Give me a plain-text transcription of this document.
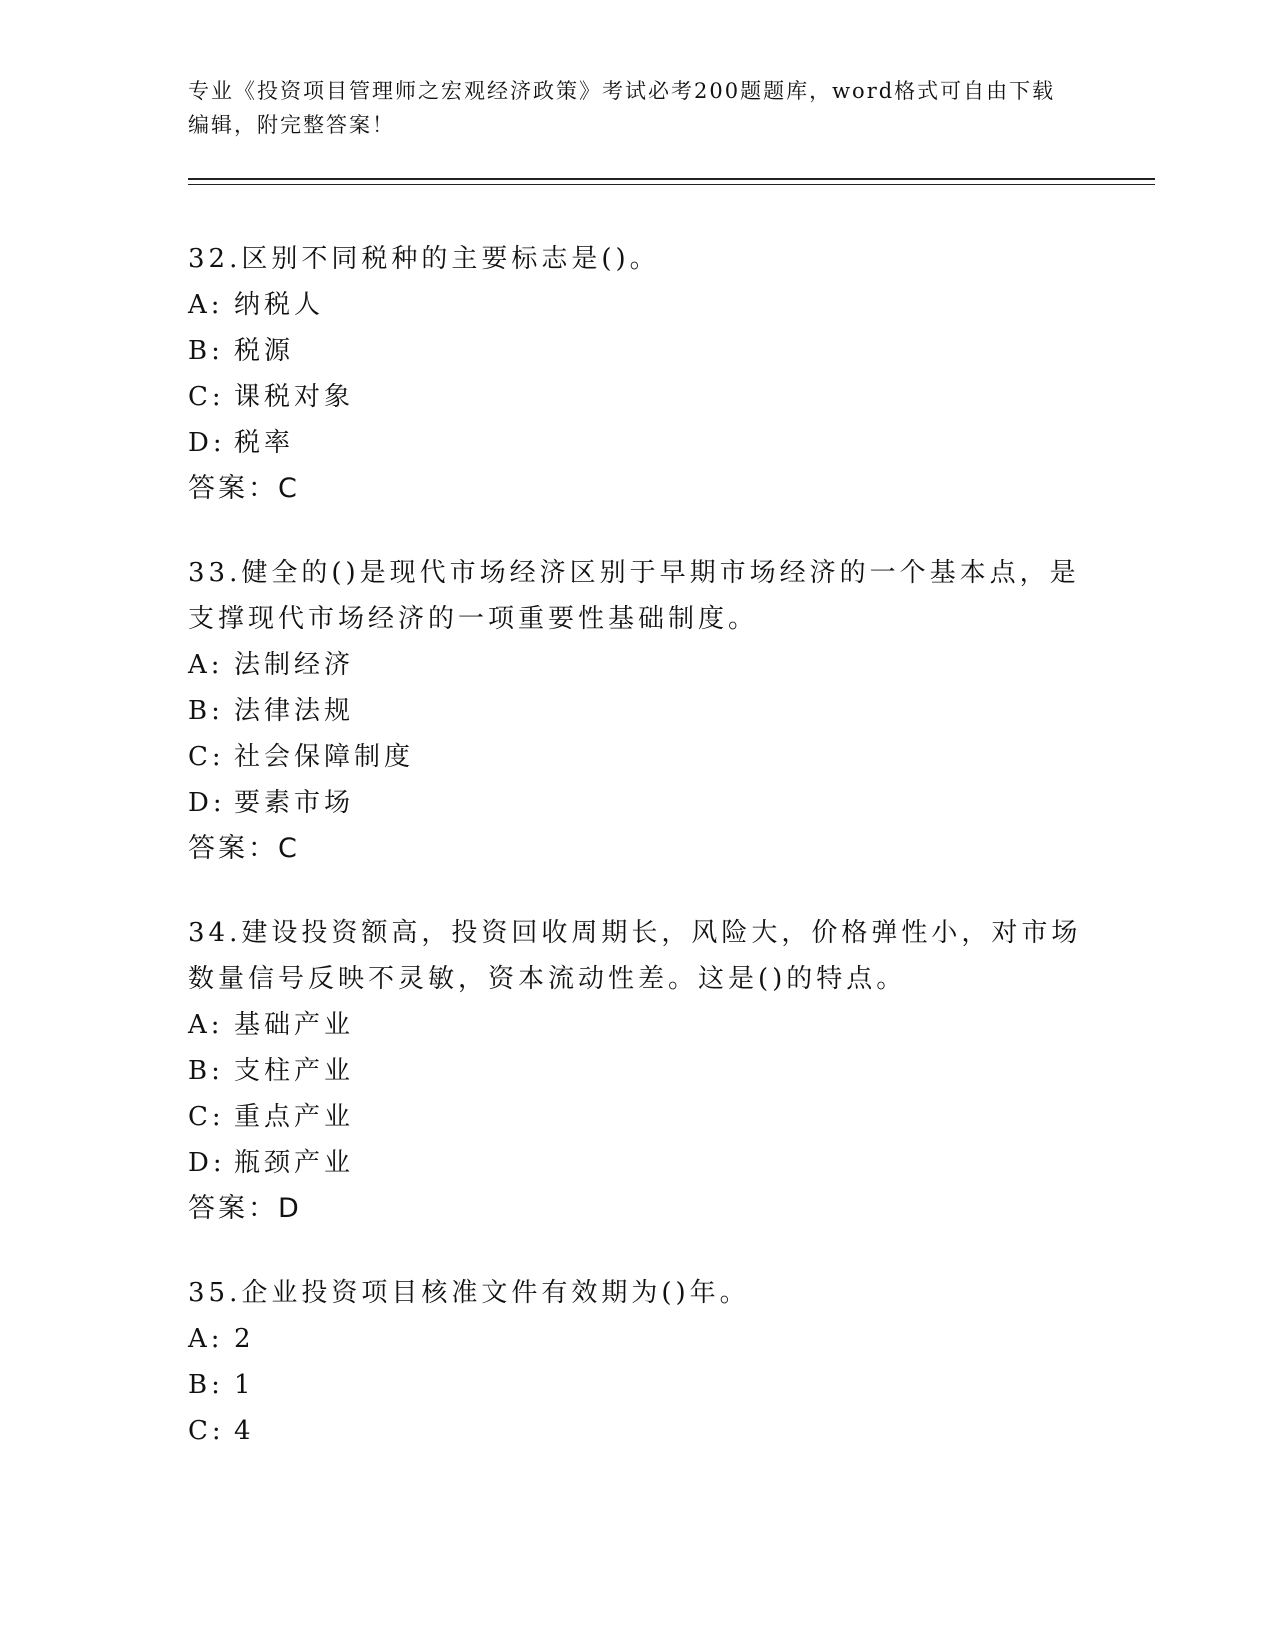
专业《投资项目管理师之宏观经济政策》考试必考200题题库，word格式可自由下载编辑，附完整答案！
32.区别不同税种的主要标志是()。
A: 纳税人
B: 税源
C: 课税对象
D: 税率
答案：C
33.健全的()是现代市场经济区别于早期市场经济的一个基本点，是支撑现代市场经济的一项重要性基础制度。
A: 法制经济
B: 法律法规
C: 社会保障制度
D: 要素市场
答案：C
34.建设投资额高，投资回收周期长，风险大，价格弹性小，对市场数量信号反映不灵敏，资本流动性差。这是()的特点。
A: 基础产业
B: 支柱产业
C: 重点产业
D: 瓶颈产业
答案：D
35.企业投资项目核准文件有效期为()年。
A: 2
B: 1
C: 4
